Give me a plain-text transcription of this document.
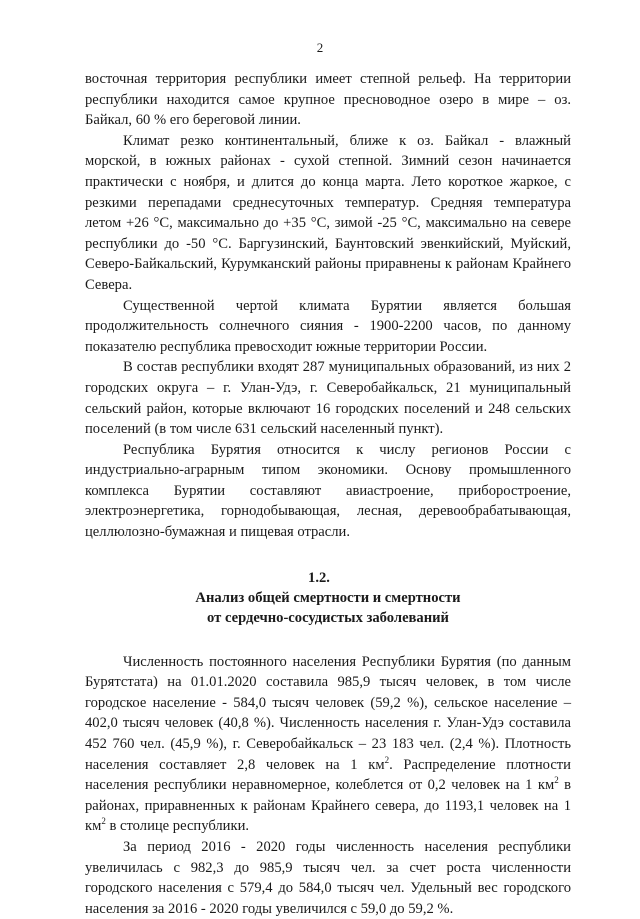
2

восточная территория республики имеет степной рельеф. На территории республики находится самое крупное пресноводное озеро в мире – оз. Байкал, 60 % его береговой линии.

Климат резко континентальный, ближе к оз. Байкал - влажный морской, в южных районах - сухой степной. Зимний сезон начинается практически с ноября, и длится до конца марта. Лето короткое жаркое, с резкими перепадами среднесуточных температур. Средняя температура летом +26 °C, максимально до +35 °C, зимой -25 °C, максимально на севере республики до -50 °C. Баргузинский, Баунтовский эвенкийский, Муйский, Северо-Байкальский, Курумканский районы приравнены к районам Крайнего Севера.

Существенной чертой климата Бурятии является большая продолжительность солнечного сияния - 1900-2200 часов, по данному показателю республика превосходит южные территории России.

В состав республики входят 287 муниципальных образований, из них 2 городских округа – г. Улан-Удэ, г. Северобайкальск, 21 муниципальный сельский район, которые включают 16 городских поселений и 248 сельских поселений (в том числе 631 сельский населенный пункт).

Республика Бурятия относится к числу регионов России с индустриально-аграрным типом экономики. Основу промышленного комплекса Бурятии составляют авиастроение, приборостроение, электроэнергетика, горнодобывающая, лесная, деревообрабатывающая, целлюлозно-бумажная и пищевая отрасли.

1.2.
Анализ общей смертности и смертности
от сердечно-сосудистых заболеваний

Численность постоянного населения Республики Бурятия (по данным Бурятстата) на 01.01.2020 составила 985,9 тысяч человек, в том числе городское население - 584,0 тысяч человек (59,2 %), сельское население – 402,0 тысяч человек (40,8 %). Численность населения г. Улан-Удэ составила 452 760 чел. (45,9 %), г. Северобайкальск – 23 183 чел. (2,4 %). Плотность населения составляет 2,8 человек на 1 $км^2$. Распределение плотности населения республики неравномерное, колеблется от 0,2 человек на 1 $км^2$ в районах, приравненных к районам Крайнего севера, до 1193,1 человек на 1 $км^2$ в столице республики.

За период 2016 - 2020 годы численность населения республики увеличилась с 982,3 до 985,9 тысяч чел. за счет роста численности городского населения с 579,4 до 584,0 тысяч чел. Удельный вес городского населения за 2016 - 2020 годы увеличился с 59,0 до 59,2 %.
